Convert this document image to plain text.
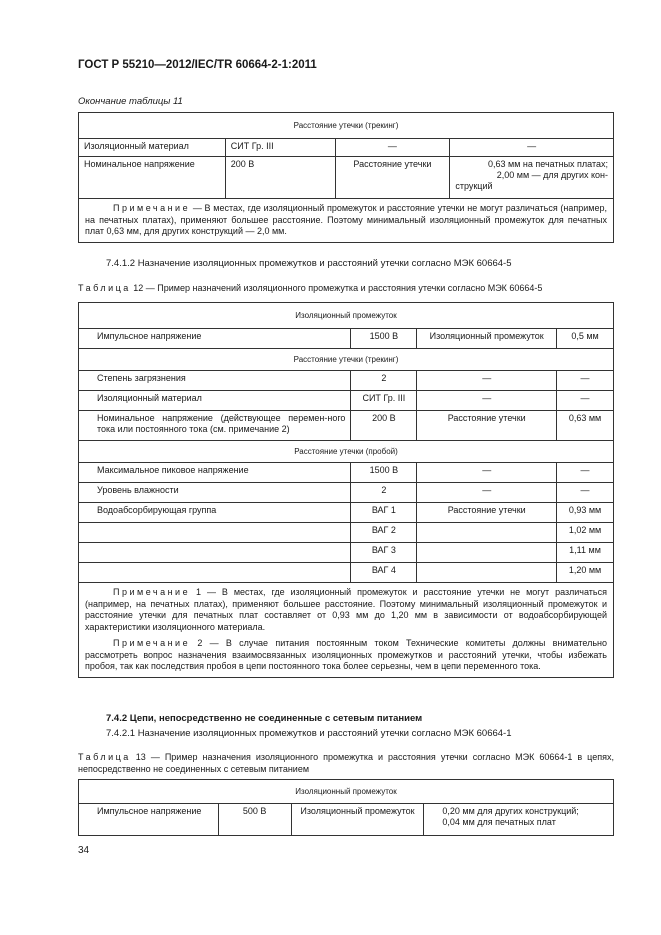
ГОСТ Р 55210—2012/IEC/TR 60664-2-1:2011
Окончание таблицы 11
Расстояние утечки (трекинг)			
Изоляционный материал	СИТ Гр. III	—	—
Номинальное напряжение	200 В	Расстояние утечки	0,63 мм на печатных платах;
2,00 мм — для других кон-
струкций

Примечание — В местах, где изоляционный промежуток и расстояние утечки не могут различаться (например, на печатных платах), применяют большее расстояние. Поэтому минимальный изоляционный промежуток для печатных плат 0,63 мм, для других конструкций — 2,0 мм.			
7.4.1.2 Назначение изоляционных промежутков и расстояний утечки согласно МЭК 60664-5
Таблица 12 — Пример назначений изоляционного промежутка и расстояния утечки согласно МЭК 60664-5
Изоляционный промежуток			
Импульсное напряжение	1500 В	Изоляционный промежуток	0,5 мм
Расстояние утечки (трекинг)			
Степень загрязнения	2	—	—
Изоляционный материал	СИТ Гр. III	—	—
Номинальное напряжение (действующее перемен-ного тока или постоянного тока (см. примечание 2)	200 В	Расстояние утечки	0,63 мм
Расстояние утечки (пробой)			
Максимальное пиковое напряжение	1500 В	—	—
Уровень влажности	2	—	—
Водоабсорбирующая группа	ВАГ 1	Расстояние утечки	0,93 мм
	ВАГ 2		1,02 мм
	ВАГ 3		1,11 мм
	ВАГ 4		1,20 мм

Примечание 1 — В местах, где изоляционный промежуток и расстояние утечки не могут различаться (например, на печатных платах), применяют большее расстояние. Поэтому минимальный изоляционный промежуток и расстояние утечки для печатных плат составляет от 0,93 мм до 1,20 мм в зависимости от водоабсорбирующей характеристики изоляционного материала.
Примечание 2 — В случае питания постоянным током Технические комитеты должны внимательно рассмотреть вопрос назначения взаимосвязанных изоляционных промежутков и расстояний утечки, чтобы избежать пробоя, так как последствия пробоя в цепи постоянного тока более серьезны, чем в цепи переменного тока.			
7.4.2 Цепи, непосредственно не соединенные с сетевым питанием
7.4.2.1 Назначение изоляционных промежутков и расстояний утечки согласно МЭК 60664-1
Таблица 13 — Пример назначения изоляционного промежутка и расстояния утечки согласно МЭК 60664-1 в цепях, непосредственно не соединенных с сетевым питанием
Изоляционный промежуток
Импульсное напряжение	500 В	Изоляционный промежуток	0,20 мм для других конструкций;
0,04 мм для печатных плат
34
